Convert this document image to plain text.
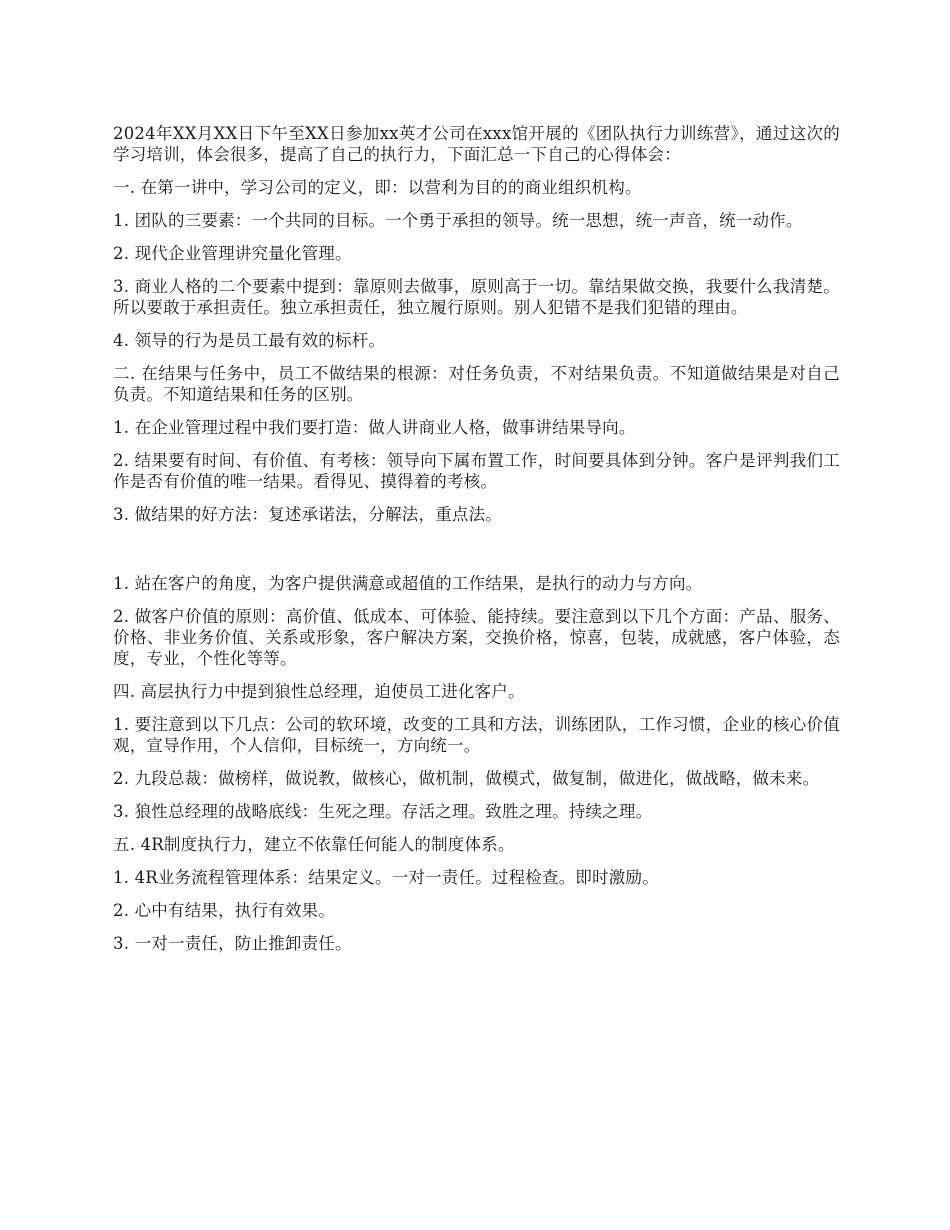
2024年XX月XX日下午至XX日参加xx英才公司在xxx馆开展的《团队执行力训练营》，通过这次的学习培训，体会很多，提高了自己的执行力，下面汇总一下自己的心得体会：

一. 在第一讲中，学习公司的定义，即：以营利为目的的商业组织机构。

1. 团队的三要素：一个共同的目标。一个勇于承担的领导。统一思想，统一声音，统一动作。

2. 现代企业管理讲究量化管理。

3. 商业人格的二个要素中提到：靠原则去做事，原则高于一切。靠结果做交换，我要什么我清楚。所以要敢于承担责任。独立承担责任，独立履行原则。别人犯错不是我们犯错的理由。

4. 领导的行为是员工最有效的标杆。

二. 在结果与任务中，员工不做结果的根源：对任务负责，不对结果负责。不知道做结果是对自己负责。不知道结果和任务的区别。

1. 在企业管理过程中我们要打造：做人讲商业人格，做事讲结果导向。

2. 结果要有时间、有价值、有考核：领导向下属布置工作，时间要具体到分钟。客户是评判我们工作是否有价值的唯一结果。看得见、摸得着的考核。

3. 做结果的好方法：复述承诺法，分解法，重点法。

1. 站在客户的角度，为客户提供满意或超值的工作结果，是执行的动力与方向。

2. 做客户价值的原则：高价值、低成本、可体验、能持续。要注意到以下几个方面：产品、服务、价格、非业务价值、关系或形象，客户解决方案，交换价格，惊喜，包装，成就感，客户体验，态度，专业，个性化等等。

四. 高层执行力中提到狼性总经理，迫使员工进化客户。

1. 要注意到以下几点：公司的软环境，改变的工具和方法，训练团队，工作习惯，企业的核心价值观，宣导作用，个人信仰，目标统一，方向统一。

2. 九段总裁：做榜样，做说教，做核心，做机制，做模式，做复制，做进化，做战略，做未来。

3. 狼性总经理的战略底线：生死之理。存活之理。致胜之理。持续之理。

五. 4R制度执行力，建立不依靠任何能人的制度体系。

1. 4R业务流程管理体系：结果定义。一对一责任。过程检查。即时激励。

2. 心中有结果，执行有效果。

3. 一对一责任，防止推卸责任。
